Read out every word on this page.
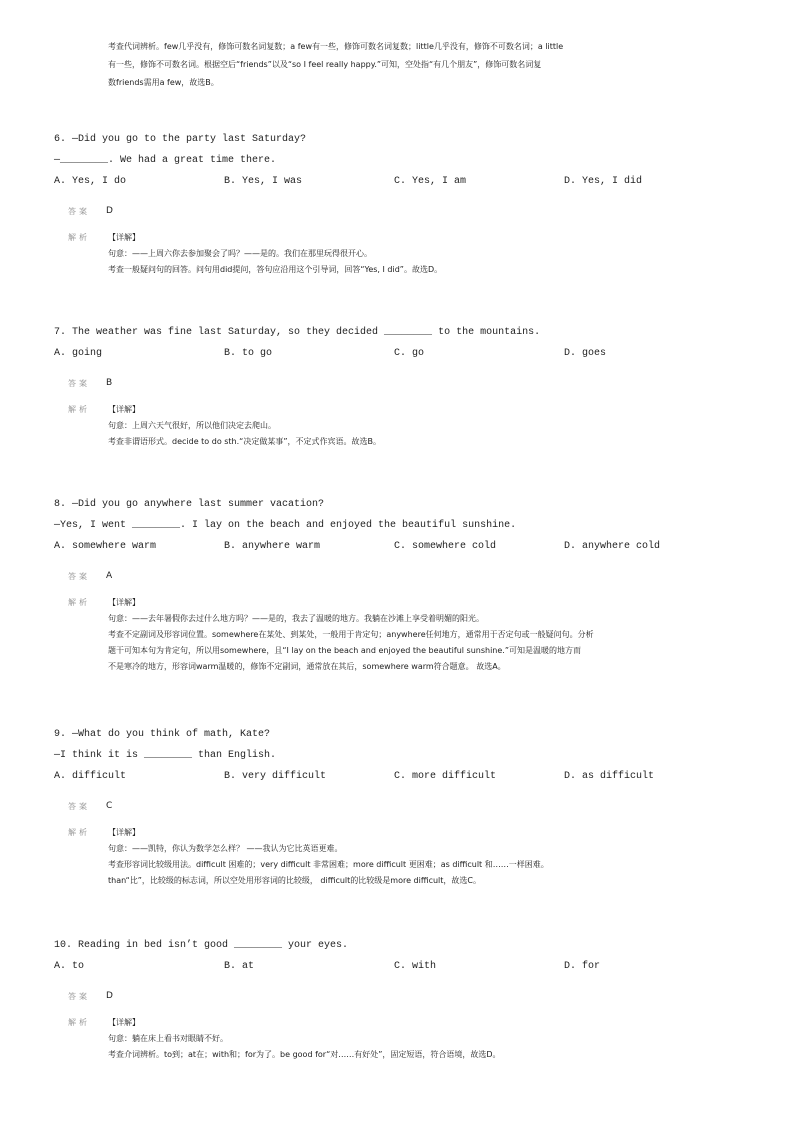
考查代词辨析。few几乎没有，修饰可数名词复数；a few有一些，修饰可数名词复数；little几乎没有，修饰不可数名词；a little
有一些，修饰不可数名词。根据空后“friends”以及“so I feel really happy.”可知，空处指“有几个朋友”，修饰可数名词复
数friends需用a few，故选B。
6. —Did you go to the party last Saturday?
—________. We had a great time there.
A. Yes, I do	B. Yes, I was	C. Yes, I am	D. Yes, I did
答案 D
解析 【详解】
句意：——上周六你去参加聚会了吗？——是的。我们在那里玩得很开心。
考查一般疑问句的回答。问句用did提问，答句应沿用这个引导词，回答“Yes, I did”。故选D。
7. The weather was fine last Saturday, so they decided ________ to the mountains.
A. going	B. to go	C. go	D. goes
答案 B
解析 【详解】
句意：上周六天气很好，所以他们决定去爬山。
考查非谓语形式。decide to do sth.“决定做某事”，不定式作宾语。故选B。
8. —Did you go anywhere last summer vacation?
—Yes, I went ________. I lay on the beach and enjoyed the beautiful sunshine.
A. somewhere warm	B. anywhere warm	C. somewhere cold	D. anywhere cold
答案 A
解析 【详解】
句意：——去年暑假你去过什么地方吗？——是的，我去了温暖的地方。我躺在沙滩上享受着明媚的阳光。
考查不定副词及形容词位置。somewhere在某处、到某处，一般用于肯定句；anywhere任何地方，通常用于否定句或一般疑问句。分析
题干可知本句为肯定句，所以用somewhere，且“I lay on the beach and enjoyed the beautiful sunshine.”可知是温暖的地方而
不是寒冷的地方，形容词warm温暖的，修饰不定副词，通常放在其后，somewhere warm符合题意。 故选A。
9. —What do you think of math, Kate?
—I think it is ________ than English.
A. difficult	B. very difficult	C. more difficult	D. as difficult
答案 C
解析 【详解】
句意：——凯特，你认为数学怎么样？ ——我认为它比英语更难。
考查形容词比较级用法。difficult 困难的；very difficult 非常困难；more difficult 更困难；as difficult 和……一样困难。
than“比”，比较级的标志词，所以空处用形容词的比较级， difficult的比较级是more difficult，故选C。
10. Reading in bed isn’t good ________ your eyes.
A. to	B. at	C. with	D. for
答案 D
解析 【详解】
句意：躺在床上看书对眼睛不好。
考查介词辨析。to到；at在；with和；for为了。be good for“对……有好处”，固定短语，符合语境，故选D。
